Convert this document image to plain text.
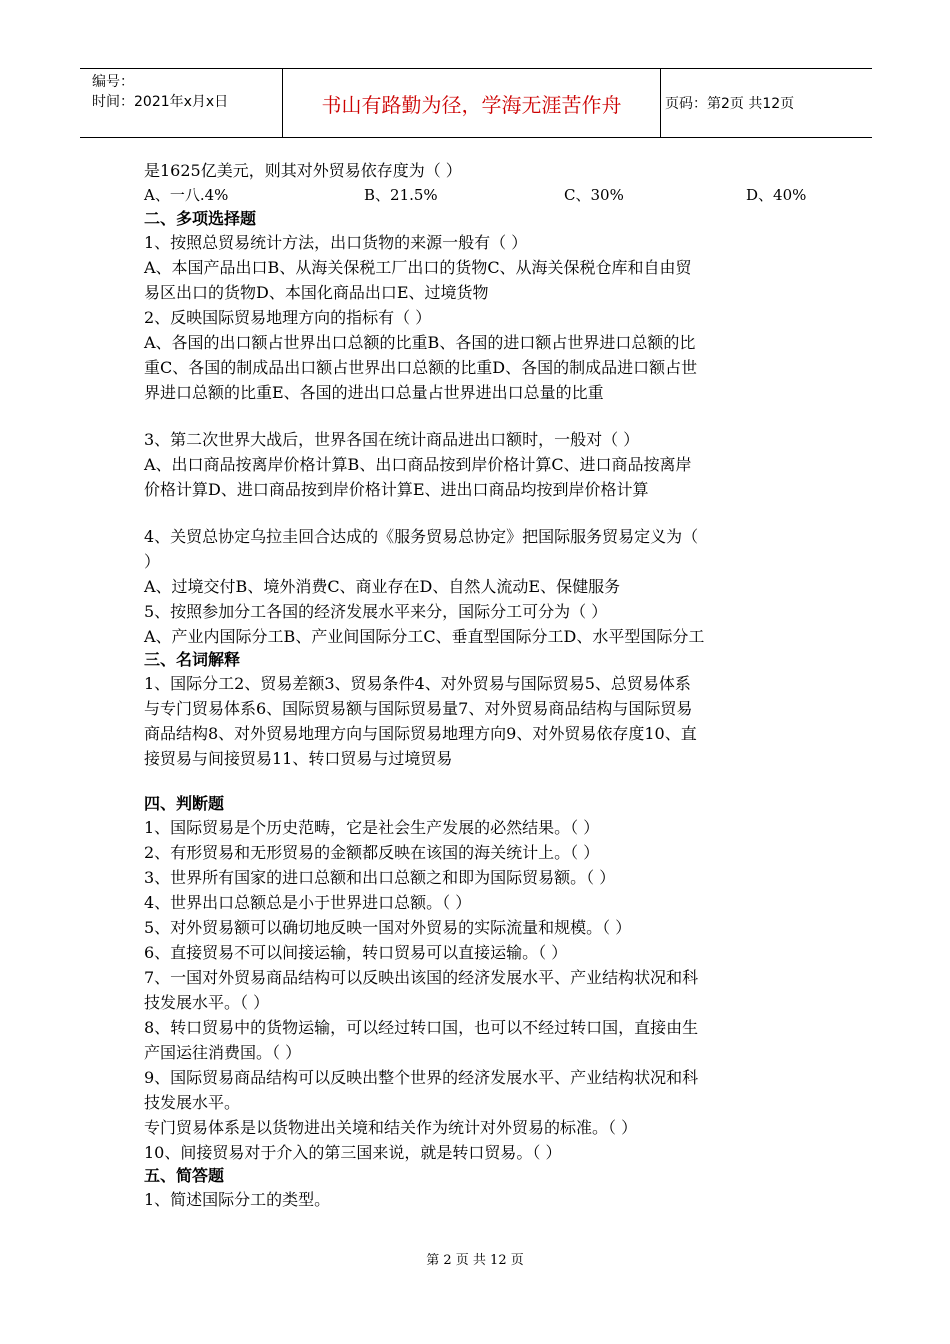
编号：
时间：2021年x月x日	书山有路勤为径，学海无涯苦作舟	页码：第2页 共12页
是1625亿美元，则其对外贸易依存度为（ ）
A、一八.4%	B、21.5%	C、30%	D、40%
二、多项选择题
1、按照总贸易统计方法，出口货物的来源一般有（ ）
A、本国产品出口B、从海关保税工厂出口的货物C、从海关保税仓库和自由贸
易区出口的货物D、本国化商品出口E、过境货物
2、反映国际贸易地理方向的指标有（ ）
A、各国的出口额占世界出口总额的比重B、各国的进口额占世界进口总额的比
重C、各国的制成品出口额占世界出口总额的比重D、各国的制成品进口额占世
界进口总额的比重E、各国的进出口总量占世界进出口总量的比重
3、第二次世界大战后，世界各国在统计商品进出口额时，一般对（ ）
A、出口商品按离岸价格计算B、出口商品按到岸价格计算C、进口商品按离岸
价格计算D、进口商品按到岸价格计算E、进出口商品均按到岸价格计算
4、关贸总协定乌拉圭回合达成的《服务贸易总协定》把国际服务贸易定义为（
）
A、过境交付B、境外消费C、商业存在D、自然人流动E、保健服务
5、按照参加分工各国的经济发展水平来分，国际分工可分为（ ）
A、产业内国际分工B、产业间国际分工C、垂直型国际分工D、水平型国际分工
三、名词解释
1、国际分工2、贸易差额3、贸易条件4、对外贸易与国际贸易5、总贸易体系
与专门贸易体系6、国际贸易额与国际贸易量7、对外贸易商品结构与国际贸易
商品结构8、对外贸易地理方向与国际贸易地理方向9、对外贸易依存度10、直
接贸易与间接贸易11、转口贸易与过境贸易
四、判断题
1、国际贸易是个历史范畴，它是社会生产发展的必然结果。（ ）
2、有形贸易和无形贸易的金额都反映在该国的海关统计上。（ ）
3、世界所有国家的进口总额和出口总额之和即为国际贸易额。（ ）
4、世界出口总额总是小于世界进口总额。（ ）
5、对外贸易额可以确切地反映一国对外贸易的实际流量和规模。（ ）
6、直接贸易不可以间接运输，转口贸易可以直接运输。（ ）
7、一国对外贸易商品结构可以反映出该国的经济发展水平、产业结构状况和科
技发展水平。（ ）
8、转口贸易中的货物运输，可以经过转口国，也可以不经过转口国，直接由生
产国运往消费国。（ ）
9、国际贸易商品结构可以反映出整个世界的经济发展水平、产业结构状况和科
技发展水平。
专门贸易体系是以货物进出关境和结关作为统计对外贸易的标准。（ ）
10、间接贸易对于介入的第三国来说，就是转口贸易。（ ）
五、简答题
1、简述国际分工的类型。
第 2 页 共 12 页
